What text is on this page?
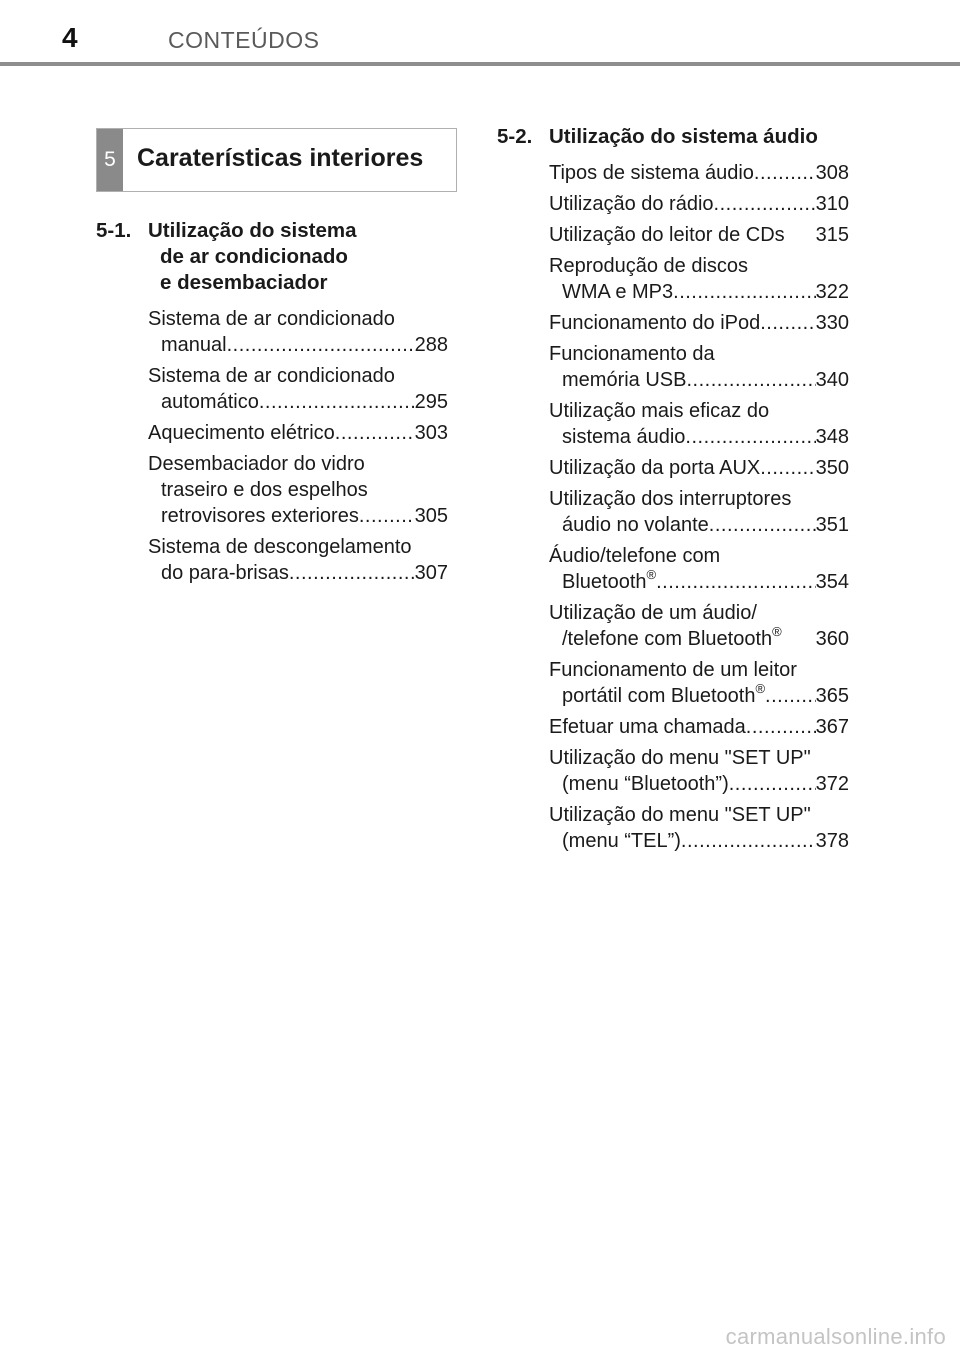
4	CONTEÚDOS
5 Caraterísticas interiores
5-1. Utilização do sistema
de ar condicionado
e desembaciador
Sistema de ar condicionado
manual .....	288
Sistema de ar condicionado
automático .....	295
Aquecimento elétrico .....	303
Desembaciador do vidro
traseiro e dos espelhos
retrovisores exteriores .....	305
Sistema de descongelamento
do para-brisas .....	307
5-2. Utilização do sistema áudio
Tipos de sistema áudio .....	308
Utilização do rádio .....	310
Utilização do leitor de CDs 315
Reprodução de discos
WMA e MP3 .....	322
Funcionamento do iPod .....	330
Funcionamento da
memória USB .....	340
Utilização mais eficaz do
sistema áudio .....	348
Utilização da porta AUX .....	350
Utilização dos interruptores
áudio no volante .....	351
Áudio/telefone com
Bluetooth® .....	354
Utilização de um áudio/
/telefone com Bluetooth® 360
Funcionamento de um leitor
portátil com Bluetooth® .....	365
Efetuar uma chamada .....	367
Utilização do menu "SET UP"
(menu “Bluetooth”) .....	372
Utilização do menu "SET UP"
(menu “TEL”) .....	378
carmanualsonline.info
